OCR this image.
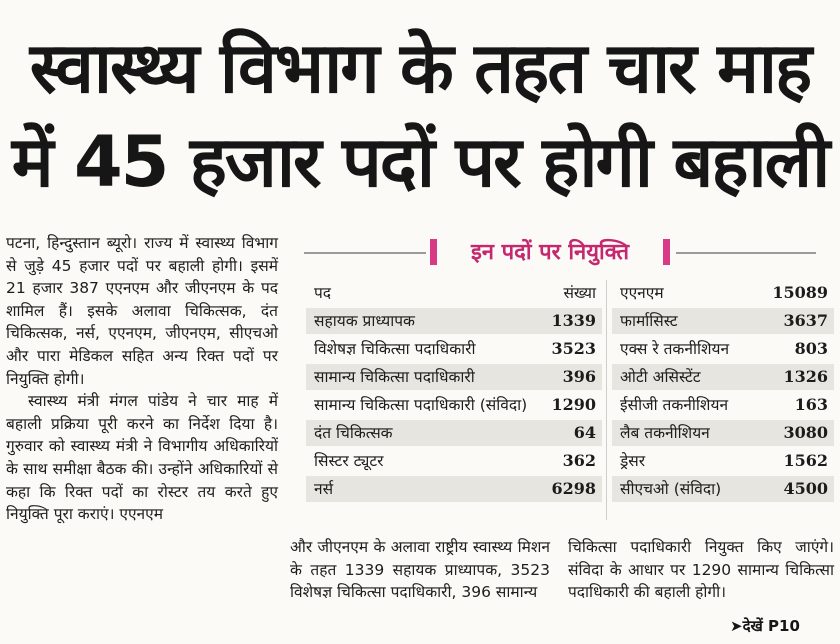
स्वास्थ्य विभाग के तहत चार माह
में 45 हजार पदों पर होगी बहाली

पटना, हिन्दुस्तान ब्यूरो। राज्य में स्वास्थ्य विभाग से जुड़े 45 हजार पदों पर बहाली होगी। इसमें 21 हजार 387 एएनएम और जीएनएम के पद शामिल हैं। इसके अलावा चिकित्सक, दंत चिकित्सक, नर्स, एएनएम, जीएनएम, सीएचओ और पारा मेडिकल सहित अन्य रिक्त पदों पर नियुक्ति होगी।

स्वास्थ्य मंत्री मंगल पांडेय ने चार माह में बहाली प्रक्रिया पूरी करने का निर्देश दिया है। गुरुवार को स्वास्थ्य मंत्री ने विभागीय अधिकारियों के साथ समीक्षा बैठक की। उन्होंने अधिकारियों से कहा कि रिक्त पदों का रोस्टर तय करते हुए नियुक्ति पूरा कराएं। एएनएम

इन पदों पर नियुक्ति
पद	संख्या
सहायक प्राध्यापक	1339
विशेषज्ञ चिकित्सा पदाधिकारी	3523
सामान्य चिकित्सा पदाधिकारी	396
सामान्य चिकित्सा पदाधिकारी (संविदा) 1290
दंत चिकित्सक	64
सिस्टर ट्यूटर	362
नर्स	6298
एएनएम	15089
फार्मासिस्ट	3637
एक्स रे तकनीशियन	803
ओटी असिस्टेंट	1326
ईसीजी तकनीशियन	163
लैब तकनीशियन	3080
ड्रेसर	1562
सीएचओ (संविदा)	4500
और जीएनएम के अलावा राष्ट्रीय स्वास्थ्य मिशन के तहत 1339 सहायक प्राध्यापक, 3523 विशेषज्ञ चिकित्सा पदाधिकारी, 396 सामान्य
चिकित्सा पदाधिकारी नियुक्त किए जाएंगे। संविदा के आधार पर 1290 सामान्य चिकित्सा पदाधिकारी की बहाली होगी।
➤देखें P10
